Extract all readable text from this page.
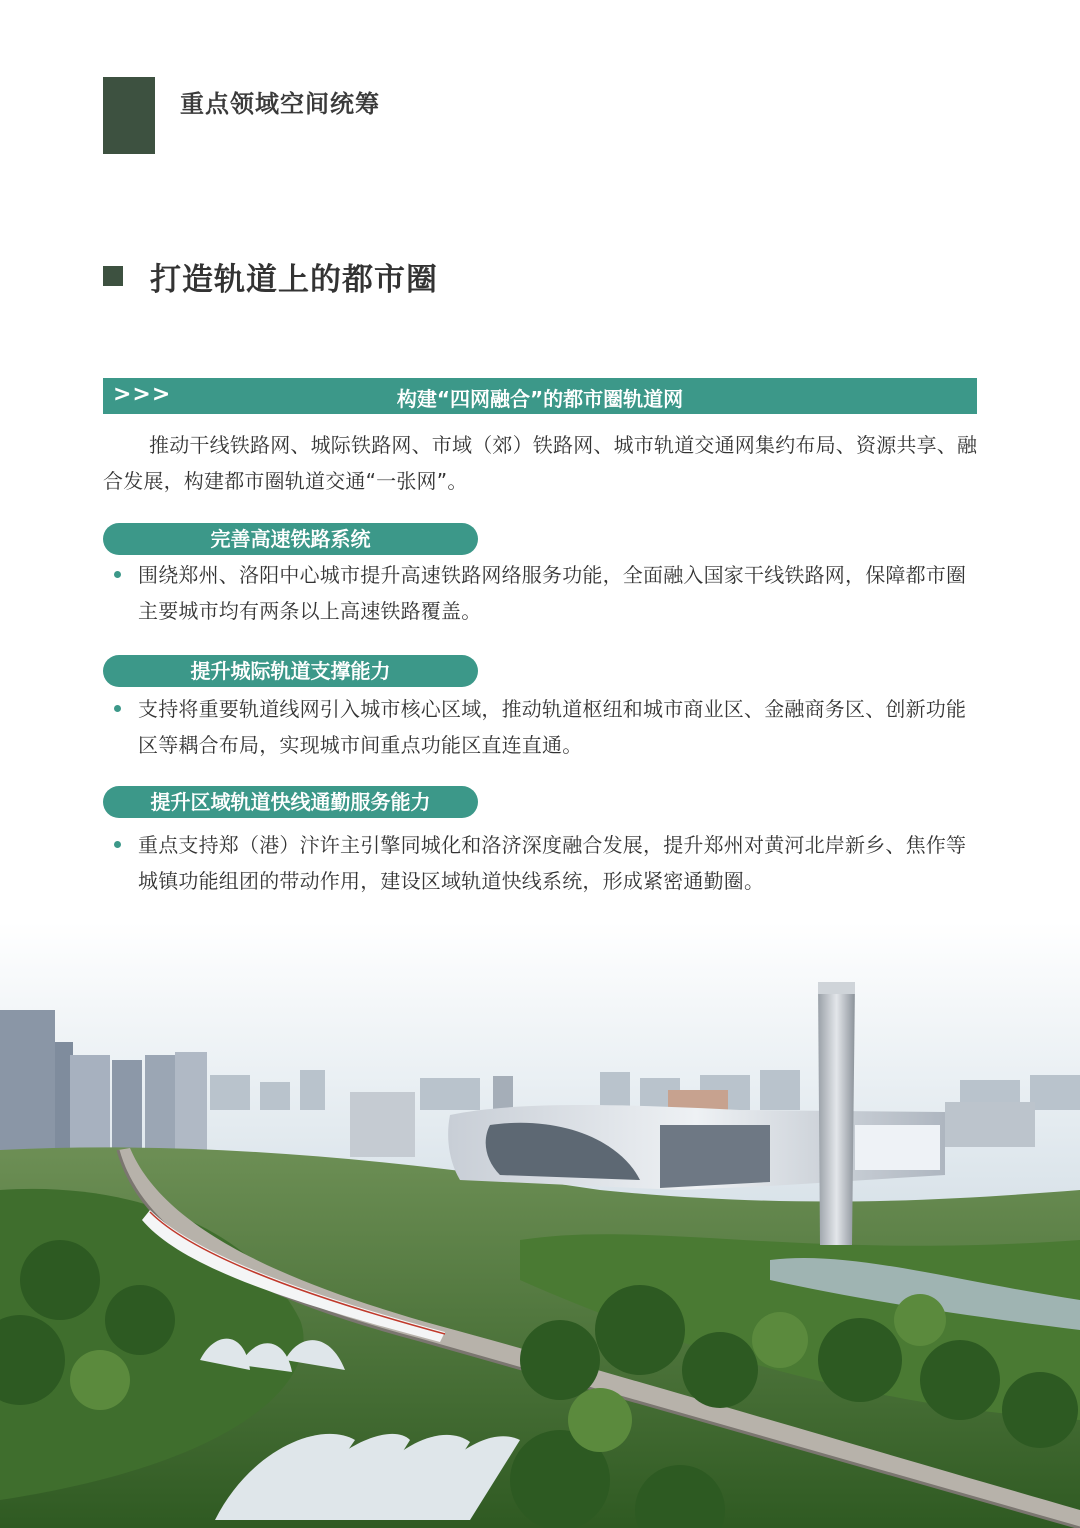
重点领域空间统筹
打造轨道上的都市圈
>>>	构建“四网融合”的都市圈轨道网
推动干线铁路网、城际铁路网、市域（郊）铁路网、城市轨道交通网集约布局、资源共享、融合发展，构建都市圈轨道交通“一张网”。
完善高速铁路系统
围绕郑州、洛阳中心城市提升高速铁路网络服务功能，全面融入国家干线铁路网，保障都市圈主要城市均有两条以上高速铁路覆盖。
提升城际轨道支撑能力
支持将重要轨道线网引入城市核心区域，推动轨道枢纽和城市商业区、金融商务区、创新功能区等耦合布局，实现城市间重点功能区直连直通。
提升区域轨道快线通勤服务能力
重点支持郑（港）汴许主引擎同城化和洛济深度融合发展，提升郑州对黄河北岸新乡、焦作等城镇功能组团的带动作用，建设区域轨道快线系统，形成紧密通勤圈。
